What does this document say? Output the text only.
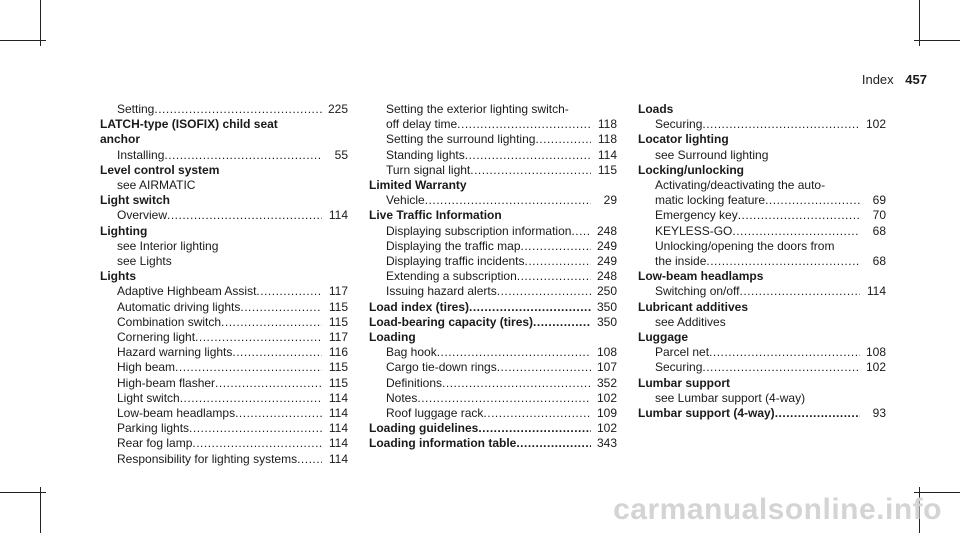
Index 457
Setting .....	225
LATCH-type (ISOFIX) child seat
anchor
Installing .....	55
Level control system
see AIRMATIC
Light switch
Overview .....	114
Lighting
see Interior lighting
see Lights
Lights
Adaptive Highbeam Assist .....	117
Automatic driving lights .....	115
Combination switch .....	115
Cornering light .....	117
Hazard warning lights .....	116
High beam .....	115
High-beam flasher .....	115
Light switch .....	114
Low-beam headlamps .....	114
Parking lights .....	114
Rear fog lamp .....	114
Responsibility for lighting systems .....	114
Setting the exterior lighting switch-
off delay time .....	118
Setting the surround lighting .....	118
Standing lights .....	114
Turn signal light .....	115
Limited Warranty
Vehicle .....	29
Live Traffic Information
Displaying subscription information .....	248
Displaying the traffic map .....	249
Displaying traffic incidents .....	249
Extending a subscription .....	248
Issuing hazard alerts .....	250
Load index (tires) .....	350
Load-bearing capacity (tires) .....	350
Loading
Bag hook .....	108
Cargo tie-down rings .....	107
Definitions .....	352
Notes .....	102
Roof luggage rack .....	109
Loading guidelines .....	102
Loading information table .....	343
Loads
Securing .....	102
Locator lighting
see Surround lighting
Locking/unlocking
Activating/deactivating the auto-
matic locking feature .....	69
Emergency key .....	70
KEYLESS-GO .....	68
Unlocking/opening the doors from
the inside .....	68
Low-beam headlamps
Switching on/off .....	114
Lubricant additives
see Additives
Luggage
Parcel net .....	108
Securing .....	102
Lumbar support
see Lumbar support (4-way)
Lumbar support (4-way) .....	93
carmanualsonline.info
